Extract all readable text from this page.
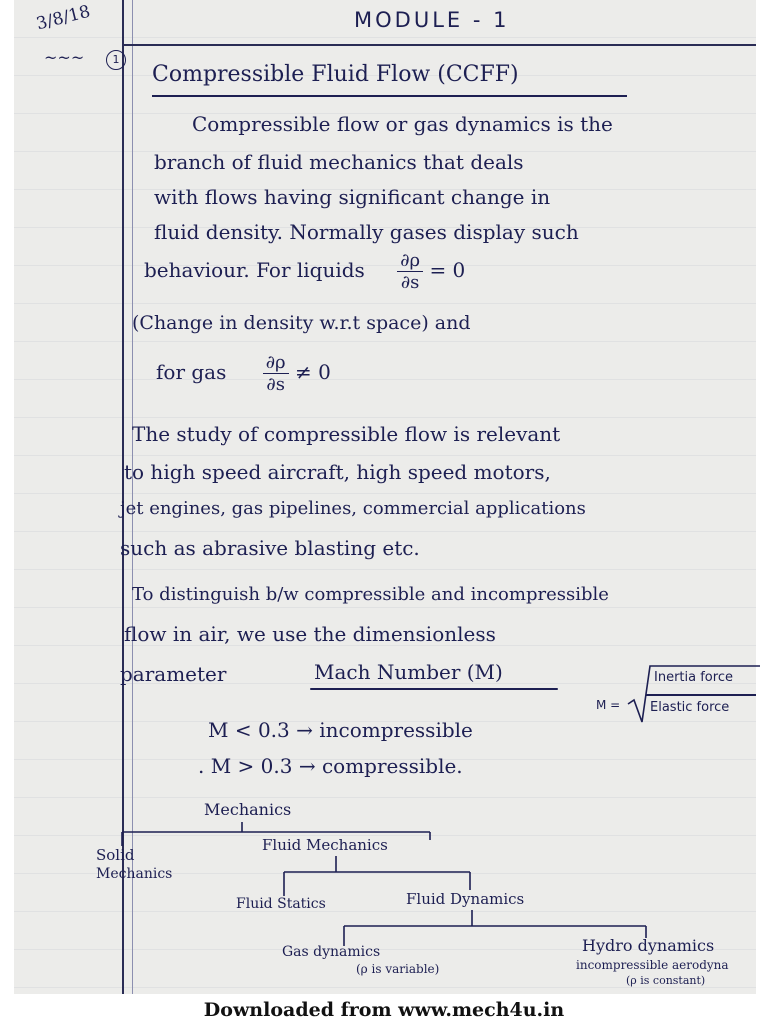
3/8/18
~~~	1
MODULE - 1
Compressible Fluid Flow (CCFF)
Compressible flow or gas dynamics is the
branch of fluid mechanics that deals
with flows having significant change in
fluid density. Normally gases display such
behaviour. For liquids $\frac{\partial\rho}{\partial s} = 0$
(Change in density w.r.t space) and
for gas $\frac{\partial\rho}{\partial s} \ne 0$
The study of compressible flow is relevant
to high speed aircraft, high speed motors,
jet engines, gas pipelines, commercial applications
such as abrasive blasting etc.
To distinguish b/w compressible and incompressible
flow in air, we use the dimensionless
parameter	Mach Number (M)
M =
Inertia force
Elastic force
M < 0.3 → incompressible
. M > 0.3 → compressible.
Mechanics
Solid
Mechanics
Fluid Mechanics
Fluid Statics	Fluid Dynamics
Gas dynamics
(ρ is variable)
Hydro dynamics
incompressible aerodyna
(ρ is constant)
Downloaded from www.mech4u.in
